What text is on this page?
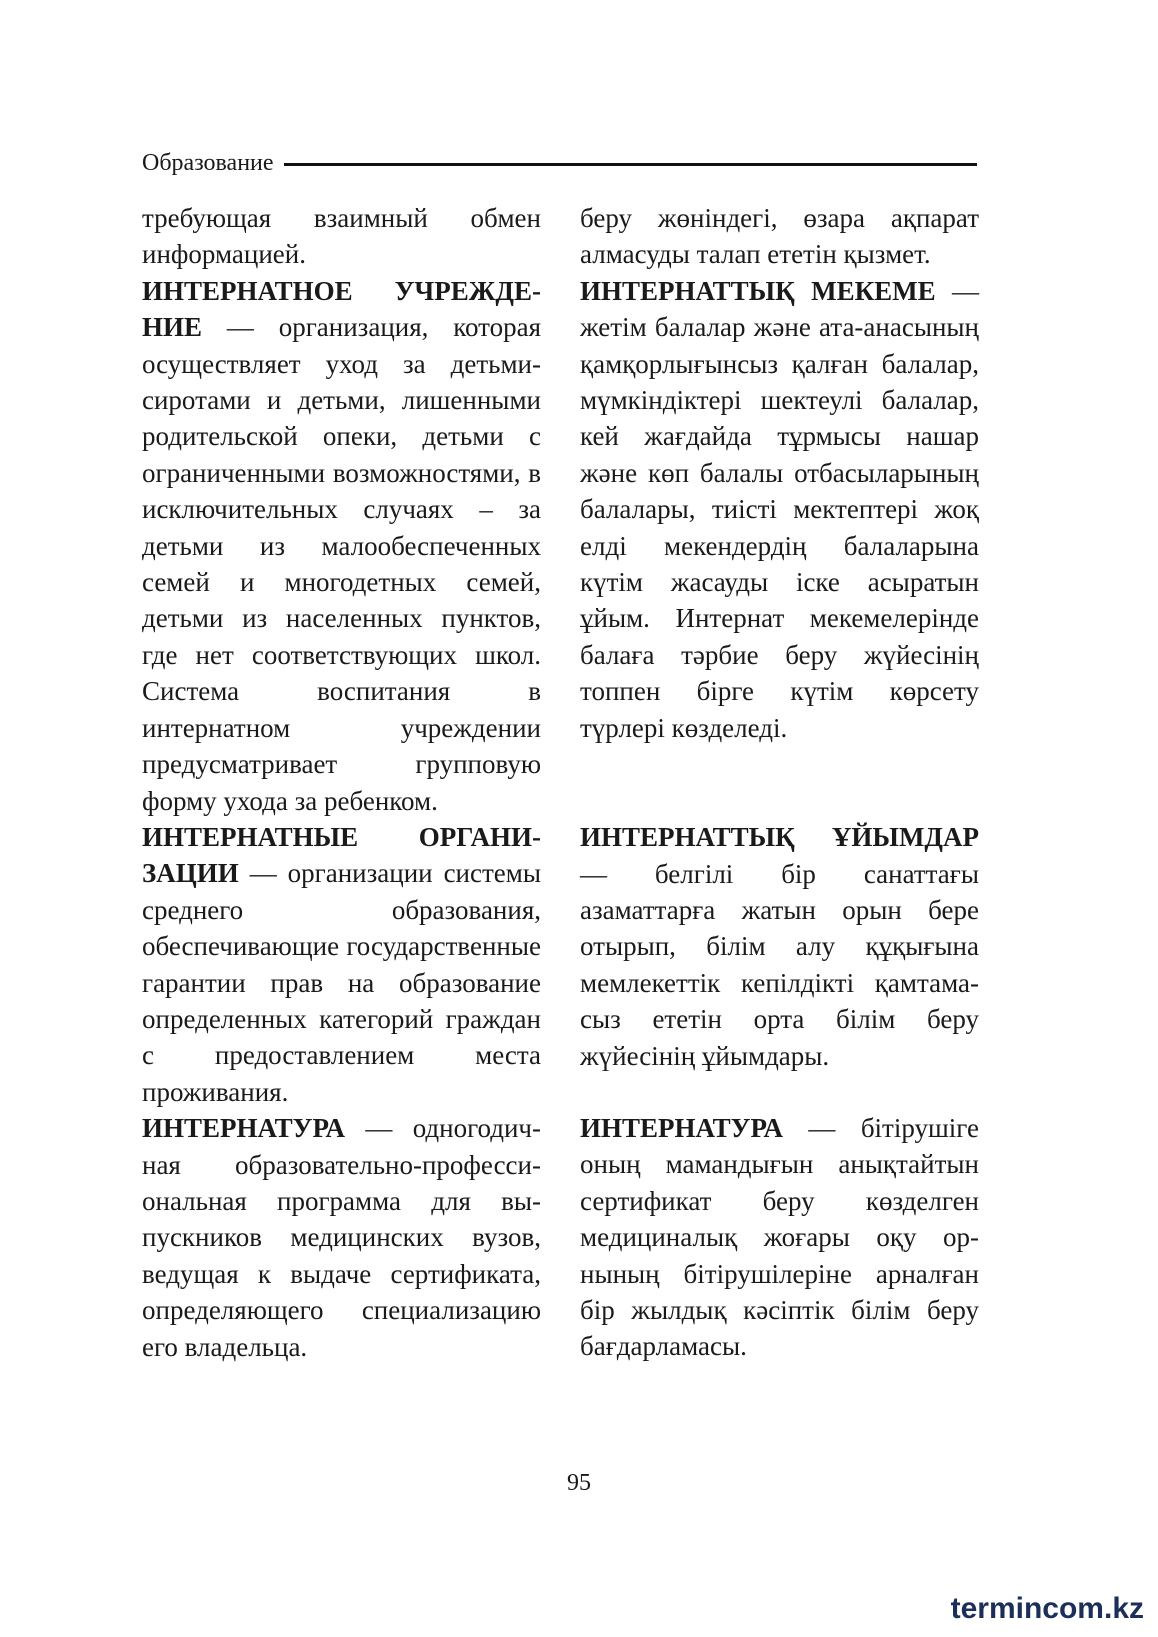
Образование

требующая взаимный обмен информацией.

ИНТЕРНАТНОЕ УЧРЕЖДЕНИЕ — организация, которая осуществляет уход за детьми-сиротами и детьми, лишенными родительской опеки, детьми с ограниченными возможностями, в исключительных случаях – за детьми из малообеспеченных семей и многодетных семей, детьми из населенных пунктов, где нет соответствующих школ. Система воспитания в интернатном учреждении предусматривает групповую форму ухода за ребенком.

ИНТЕРНАТНЫЕ ОРГАНИЗАЦИИ — организации системы среднего образования, обеспечивающие государственные гарантии прав на образование определенных категорий граждан с предоставлением места проживания.

ИНТЕРНАТУРА — одногодичная образовательно-профессиональная программа для выпускников медицинских вузов, ведущая к выдаче сертификата, определяющего специализацию его владельца.

беру жөніндегі, өзара ақпарат алмасуды талап ететін қызмет.

ИНТЕРНАТТЫҚ МЕКЕМЕ — жетім балалар және ата-анасының қамқорлығынсыз қалған балалар, мүмкіндіктері шектеулі балалар, кей жағдайда тұрмысы нашар және көп балалы отбасыларының балалары, тиісті мектептері жоқ елді мекендердің балаларына күтім жасауды іске асыратын ұйым. Интернат мекемелерінде балаға тәрбие беру жүйесінің топпен бірге күтім көрсету түрлері көзделеді.

ИНТЕРНАТТЫҚ ҰЙЫМДАР — белгілі бір санаттағы азаматтарға жатын орын бере отырып, білім алу құқығына мемлекеттік кепілдікті қамтамасыз ететін орта білім беру жүйесінің ұйымдары.

ИНТЕРНАТУРА — бітірушіге оның мамандығын анықтайтын сертификат беру көзделген медициналық жоғары оқу орнының бітірушілеріне арналған бір жылдық кәсіптік білім беру бағдарламасы.

95
termincom.kz
